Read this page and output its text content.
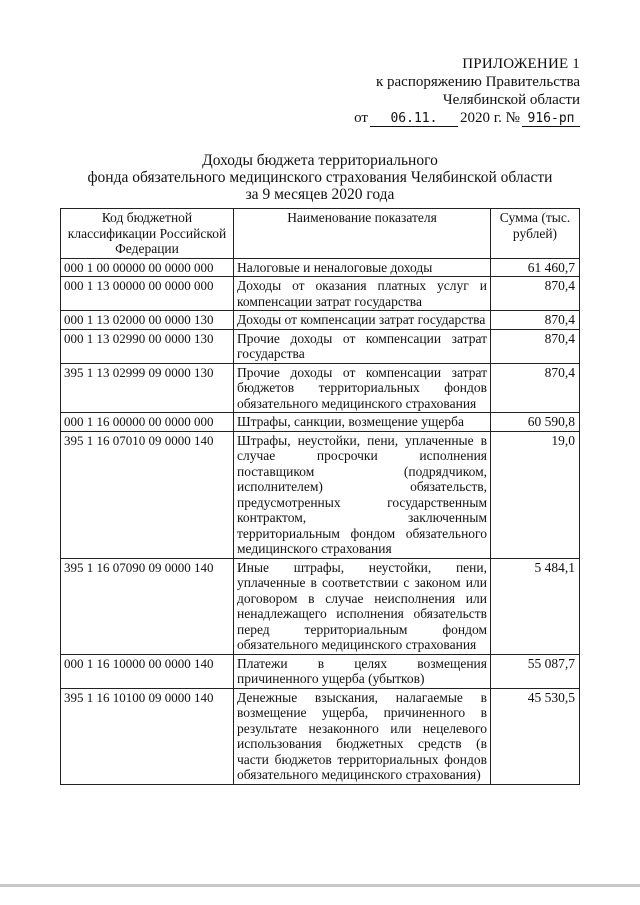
ПРИЛОЖЕНИЕ 1
к распоряжению Правительства
Челябинской области
от	06.11.	2020 г. № 916-рп
Доходы бюджета территориального
фонда обязательного медицинского страхования Челябинской области
за 9 месяцев 2020 года
Код бюджетной классификации Российской Федерации	Наименование показателя	Сумма (тыс. рублей)
000 1 00 00000 00 0000 000	Налоговые и неналоговые доходы	61 460,7
000 1 13 00000 00 0000 000	Доходы от оказания платных услуг и компенсации затрат государства	870,4
000 1 13 02000 00 0000 130	Доходы от компенсации затрат государства	870,4
000 1 13 02990 00 0000 130	Прочие доходы от компенсации затрат государства	870,4
395 1 13 02999 09 0000 130	Прочие доходы от компенсации затрат бюджетов территориальных фондов обязательного медицинского страхования	870,4
000 1 16 00000 00 0000 000	Штрафы, санкции, возмещение ущерба	60 590,8
395 1 16 07010 09 0000 140	Штрафы, неустойки, пени, уплаченные в случае просрочки исполнения поставщиком (подрядчиком, исполнителем) обязательств, предусмотренных государственным контрактом, заключенным территориальным фондом обязательного медицинского страхования	19,0
395 1 16 07090 09 0000 140	Иные штрафы, неустойки, пени, уплаченные в соответствии с законом или договором в случае неисполнения или ненадлежащего исполнения обязательств перед территориальным фондом обязательного медицинского страхования	5 484,1
000 1 16 10000 00 0000 140	Платежи в целях возмещения причиненного ущерба (убытков)	55 087,7
395 1 16 10100 09 0000 140	Денежные взыскания, налагаемые в возмещение ущерба, причиненного в результате незаконного или нецелевого использования бюджетных средств (в части бюджетов территориальных фондов обязательного медицинского страхования)	45 530,5
